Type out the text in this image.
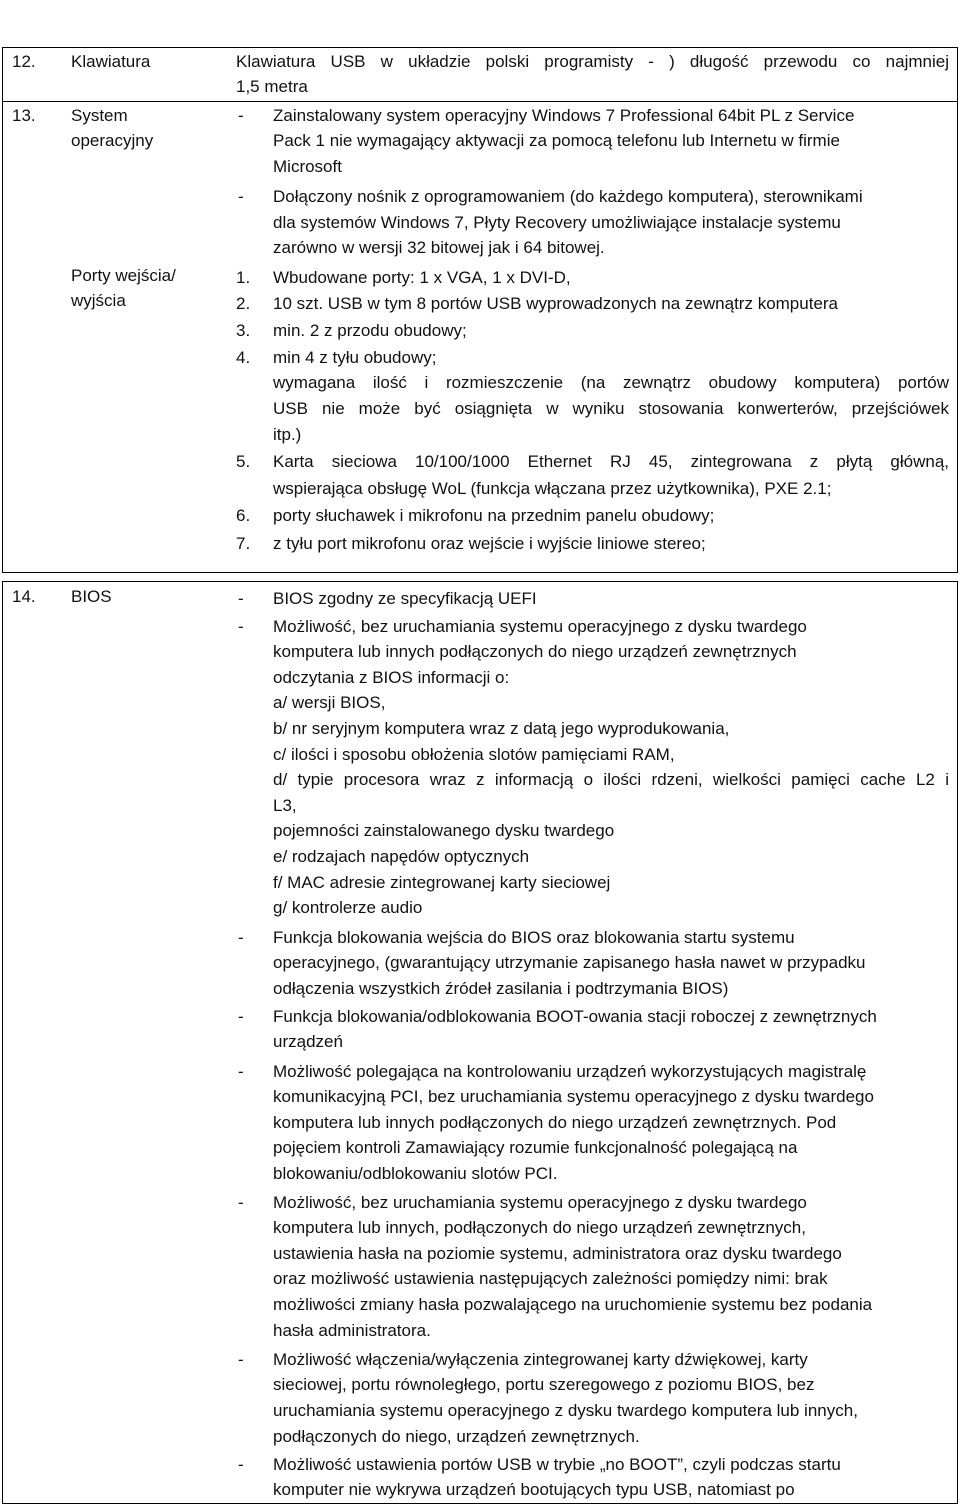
12. Klawiatura	Klawiatura USB w układzie polski programisty - ) długość przewodu co najmniej
1,5 metra
13. System
operacyjny
- Zainstalowany system operacyjny Windows 7 Professional 64bit PL z Service
Pack 1 nie wymagający aktywacji za pomocą telefonu lub Internetu w firmie
Microsoft
- Dołączony nośnik z oprogramowaniem (do każdego komputera), sterownikami
dla systemów Windows 7, Płyty Recovery umożliwiające instalacje systemu
zarówno w wersji 32 bitowej jak i 64 bitowej.
Porty wejścia/
wyjścia
1. Wbudowane porty: 1 x VGA, 1 x DVI-D,
2. 10 szt. USB w tym 8 portów USB wyprowadzonych na zewnątrz komputera
3. min. 2 z przodu obudowy;
4. min 4 z tyłu obudowy;
wymagana ilość i rozmieszczenie (na zewnątrz obudowy komputera) portów
USB nie może być osiągnięta w wyniku stosowania konwerterów, przejściówek
itp.)
5. Karta sieciowa 10/100/1000 Ethernet RJ 45, zintegrowana z płytą główną,
wspierająca obsługę WoL (funkcja włączana przez użytkownika), PXE 2.1;
6. porty słuchawek i mikrofonu na przednim panelu obudowy;
7. z tyłu port mikrofonu oraz wejście i wyjście liniowe stereo;
14. BIOS	- BIOS zgodny ze specyfikacją UEFI
- Możliwość, bez uruchamiania systemu operacyjnego z dysku twardego
komputera lub innych podłączonych do niego urządzeń zewnętrznych
odczytania z BIOS informacji o:
a/ wersji BIOS,
b/ nr seryjnym komputera wraz z datą jego wyprodukowania,
c/ ilości i sposobu obłożenia slotów pamięciami RAM,
d/ typie procesora wraz z informacją o ilości rdzeni, wielkości pamięci cache L2 i
L3,
pojemności zainstalowanego dysku twardego
e/ rodzajach napędów optycznych
f/ MAC adresie zintegrowanej karty sieciowej
g/ kontrolerze audio
- Funkcja blokowania wejścia do BIOS oraz blokowania startu systemu
operacyjnego, (gwarantujący utrzymanie zapisanego hasła nawet w przypadku
odłączenia wszystkich źródeł zasilania i podtrzymania BIOS)
- Funkcja blokowania/odblokowania BOOT-owania stacji roboczej z zewnętrznych
urządzeń
- Możliwość polegająca na kontrolowaniu urządzeń wykorzystujących magistralę
komunikacyjną PCI, bez uruchamiania systemu operacyjnego z dysku twardego
komputera lub innych podłączonych do niego urządzeń zewnętrznych. Pod
pojęciem kontroli Zamawiający rozumie funkcjonalność polegającą na
blokowaniu/odblokowaniu slotów PCI.
- Możliwość, bez uruchamiania systemu operacyjnego z dysku twardego
komputera lub innych, podłączonych do niego urządzeń zewnętrznych,
ustawienia hasła na poziomie systemu, administratora oraz dysku twardego
oraz możliwość ustawienia następujących zależności pomiędzy nimi: brak
możliwości zmiany hasła pozwalającego na uruchomienie systemu bez podania
hasła administratora.
- Możliwość włączenia/wyłączenia zintegrowanej karty dźwiękowej, karty
sieciowej, portu równoległego, portu szeregowego z poziomu BIOS, bez
uruchamiania systemu operacyjnego z dysku twardego komputera lub innych,
podłączonych do niego, urządzeń zewnętrznych.
- Możliwość ustawienia portów USB w trybie „no BOOT”, czyli podczas startu
komputer nie wykrywa urządzeń bootujących typu USB, natomiast po
